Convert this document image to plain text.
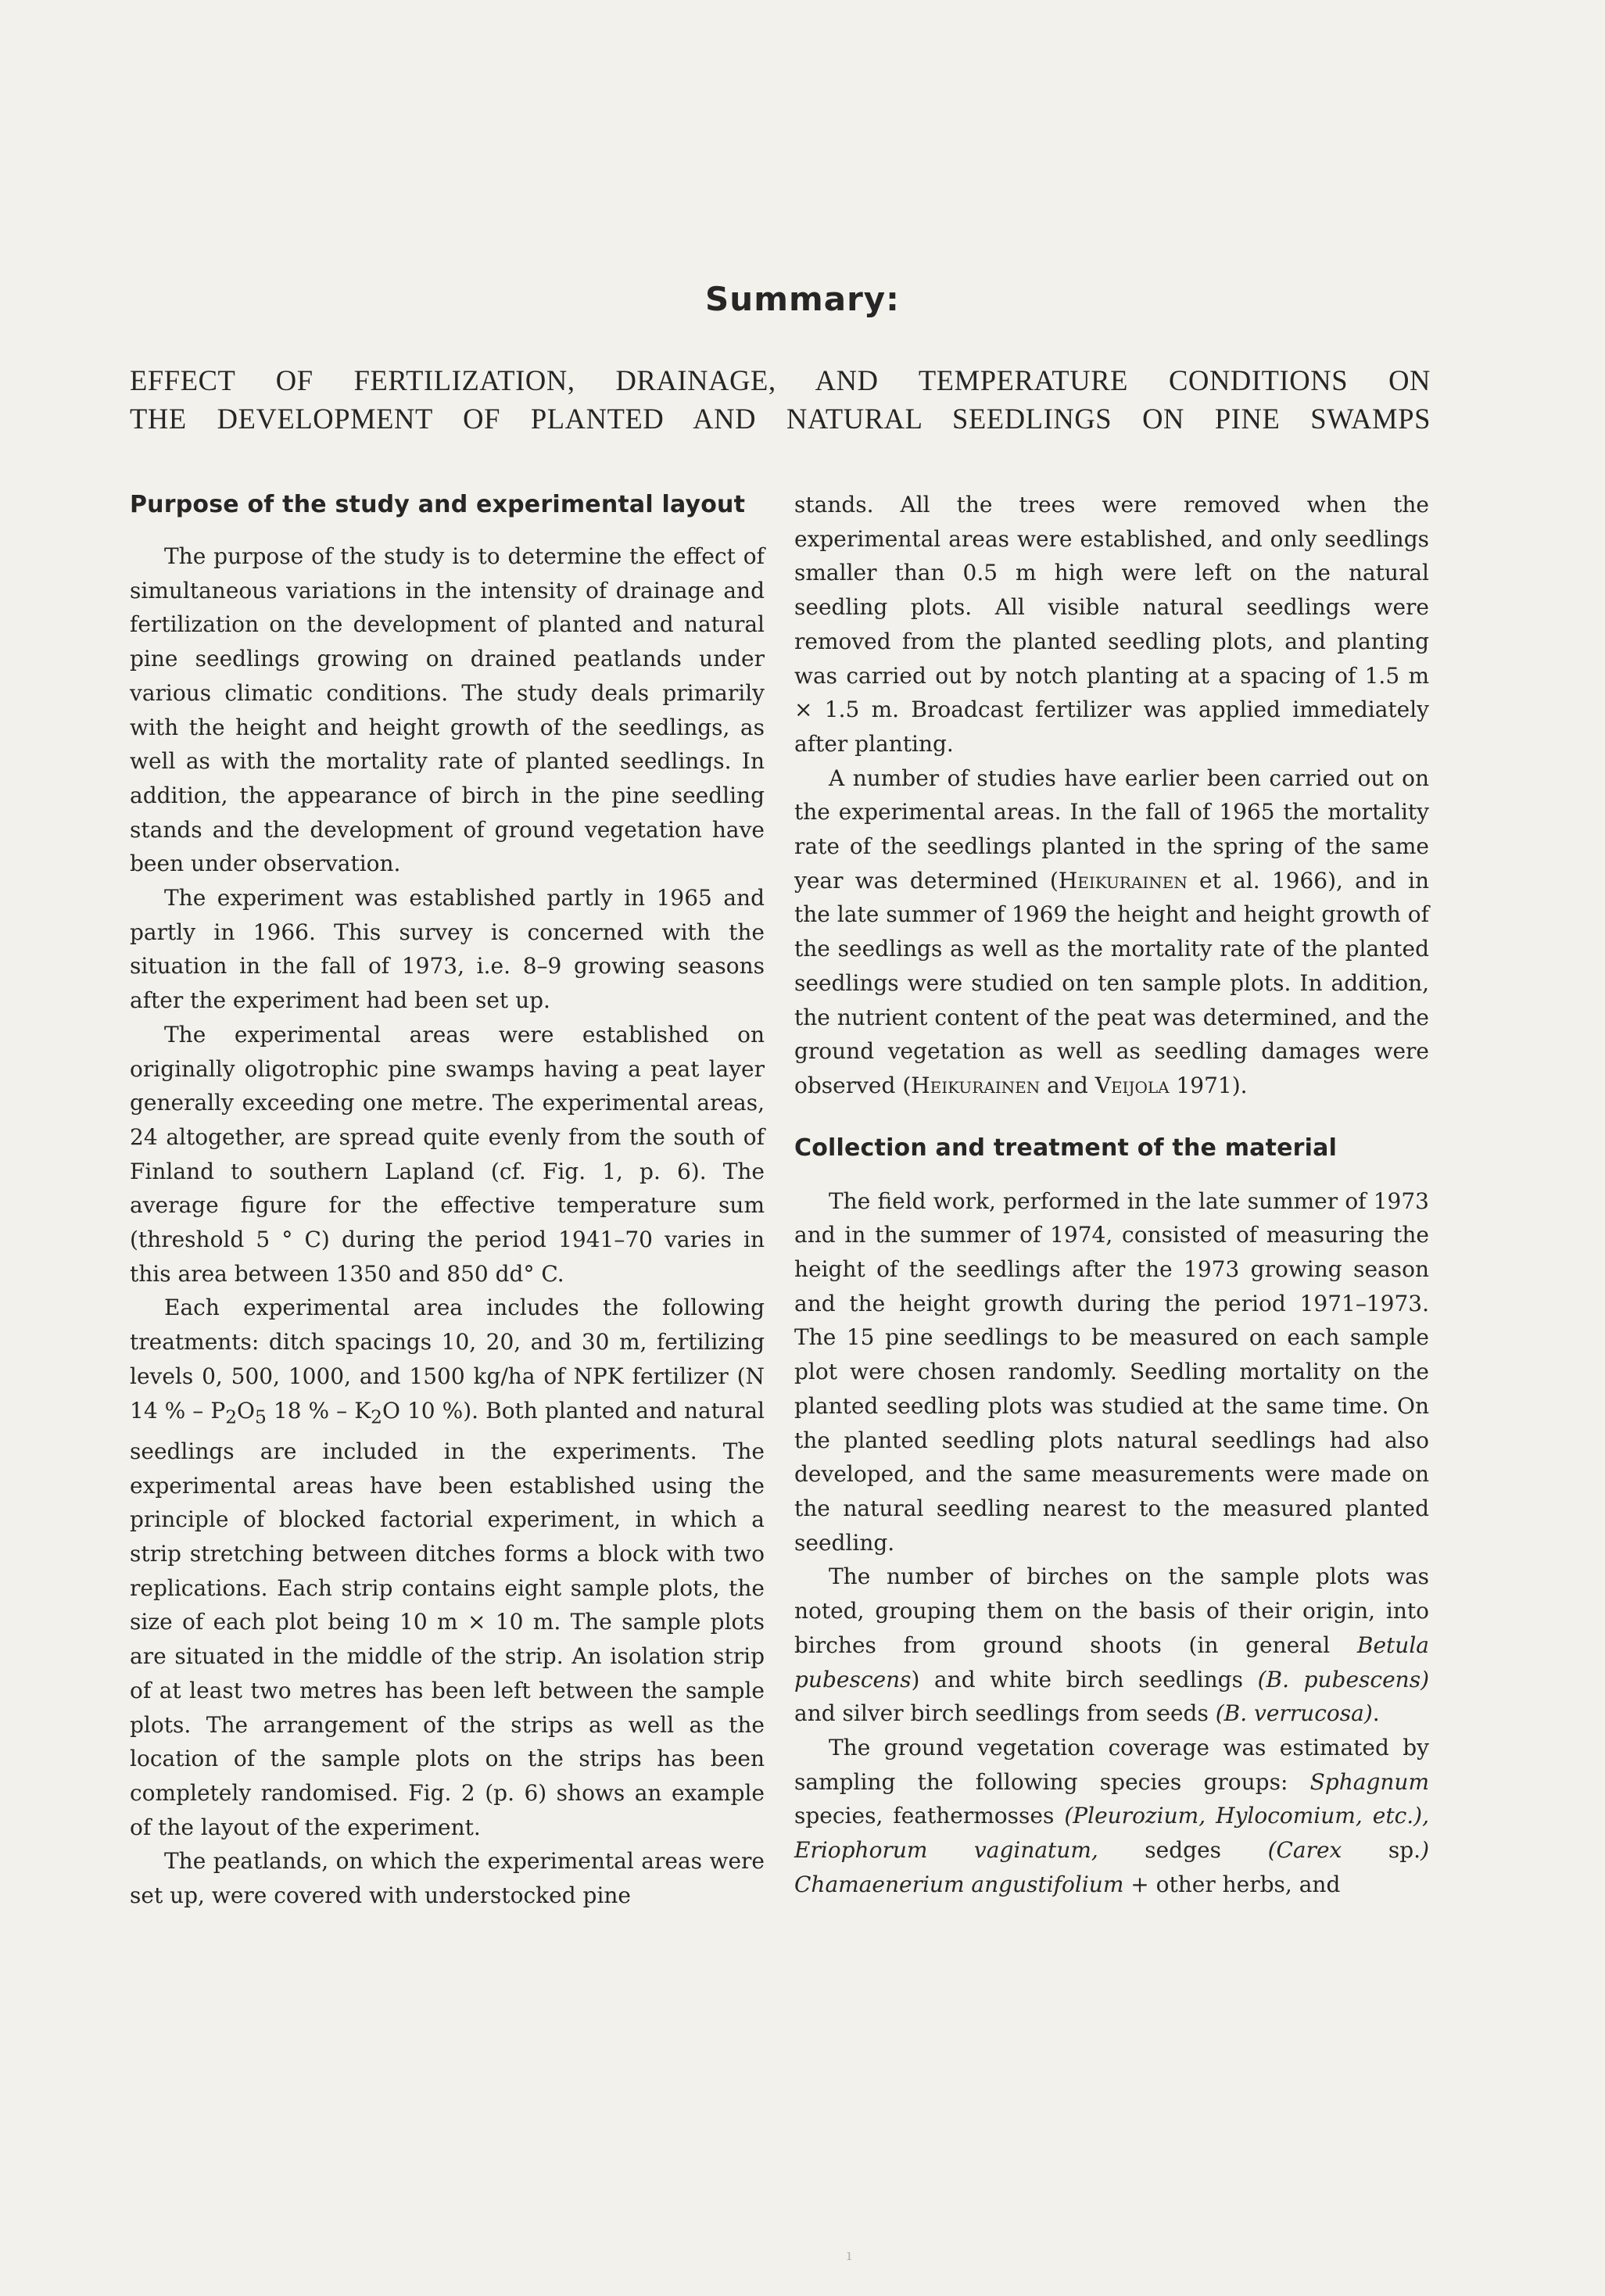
Summary:
EFFECT OF FERTILIZATION, DRAINAGE, AND TEMPERATURE CONDITIONS ON
THE DEVELOPMENT OF PLANTED AND NATURAL SEEDLINGS ON PINE SWAMPS
Purpose of the study and experimental layout

The purpose of the study is to determine the effect of simultaneous variations in the intensity of drainage and fertilization on the development of planted and natural pine seedlings growing on drained peatlands under various climatic conditions. The study deals primarily with the height and height growth of the seedlings, as well as with the mortality rate of planted seedlings. In addition, the appearance of birch in the pine seedling stands and the development of ground vegetation have been under observation.

The experiment was established partly in 1965 and partly in 1966. This survey is concerned with the situation in the fall of 1973, i.e. 8–9 growing seasons after the experiment had been set up.

The experimental areas were established on originally oligotrophic pine swamps having a peat layer generally exceeding one metre. The experimental areas, 24 altogether, are spread quite evenly from the south of Finland to southern Lapland (cf. Fig. 1, p. 6). The average figure for the effective temperature sum (threshold 5 ° C) during the period 1941–70 varies in this area between 1350 and 850 dd° C.

Each experimental area includes the following treatments: ditch spacings 10, 20, and 30 m, fertilizing levels 0, 500, 1000, and 1500 kg/ha of NPK fertilizer (N 14 % – $P_2O_5$ 18 % – $K_2O$ 10 %). Both planted and natural seedlings are included in the experiments. The experimental areas have been established using the principle of blocked factorial experiment, in which a strip stretching between ditches forms a block with two replications. Each strip contains eight sample plots, the size of each plot being 10 m × 10 m. The sample plots are situated in the middle of the strip. An isolation strip of at least two metres has been left between the sample plots. The arrangement of the strips as well as the location of the sample plots on the strips has been completely randomised. Fig. 2 (p. 6) shows an example of the layout of the experiment.

The peatlands, on which the experimental areas were set up, were covered with understocked pine

stands. All the trees were removed when the experimental areas were established, and only seedlings smaller than 0.5 m high were left on the natural seedling plots. All visible natural seedlings were removed from the planted seedling plots, and planting was carried out by notch planting at a spacing of 1.5 m × 1.5 m. Broadcast fertilizer was applied immediately after planting.

A number of studies have earlier been carried out on the experimental areas. In the fall of 1965 the mortality rate of the seedlings planted in the spring of the same year was determined (Heikurainen et al. 1966), and in the late summer of 1969 the height and height growth of the seedlings as well as the mortality rate of the planted seedlings were studied on ten sample plots. In addition, the nutrient content of the peat was determined, and the ground vegetation as well as seedling damages were observed (Heikurainen and Veijola 1971).

Collection and treatment of the material

The field work, performed in the late summer of 1973 and in the summer of 1974, consisted of measuring the height of the seedlings after the 1973 growing season and the height growth during the period 1971–1973. The 15 pine seedlings to be measured on each sample plot were chosen randomly. Seedling mortality on the planted seedling plots was studied at the same time. On the planted seedling plots natural seedlings had also developed, and the same measurements were made on the natural seedling nearest to the measured planted seedling.

The number of birches on the sample plots was noted, grouping them on the basis of their origin, into birches from ground shoots (in general Betula pubescens) and white birch seedlings (B. pubescens) and silver birch seedlings from seeds (B. verrucosa).

The ground vegetation coverage was estimated by sampling the following species groups: Sphagnum species, feathermosses (Pleurozium, Hylocomium, etc.), Eriophorum vaginatum, sedges (Carex sp.) Chamaenerium angustifolium + other herbs, and

ı
